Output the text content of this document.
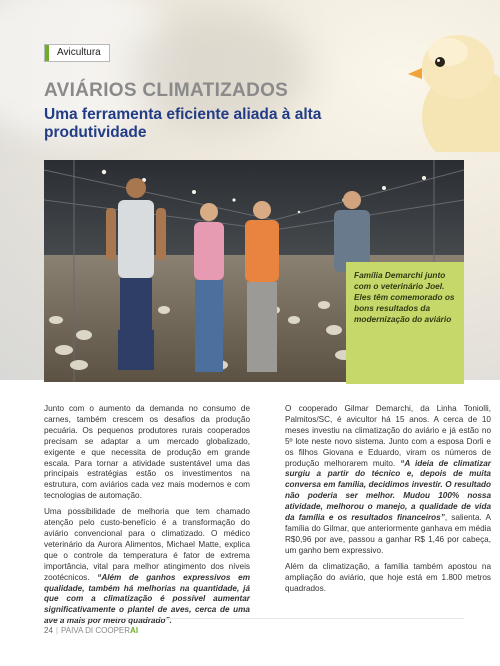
Avicultura
AVIÁRIOS CLIMATIZADOS
Uma ferramenta eficiente aliada à alta produtividade
Família Demarchi junto com o veterinário Joel. Eles têm comemorado os bons resultados da modernização do aviário

Junto com o aumento da demanda no consumo de carnes, também crescem os desafios da produção pecuária. Os pequenos produtores rurais cooperados precisam se adaptar a um mercado globalizado, exigente e que necessita de produção em grande escala. Para tornar a atividade sustentável uma das principais estratégias estão os investimentos na estrutura, com aviários cada vez mais modernos e com tecnologias de automação.

Uma possibilidade de melhoria que tem chamado atenção pelo custo-benefício é a transformação do aviário convencional para o climatizado. O médico veterinário da Aurora Alimentos, Michael Matte, explica que o controle da temperatura é fator de extrema importância, vital para melhor atingimento dos níveis zootécnicos. “Além de ganhos expressivos em qualidade, também há melhorias na quantidade, já que com a climatização é possível aumentar significativamente o plantel de aves, cerca de uma ave a mais por metro quadrado”.

O cooperado Gilmar Demarchi, da Linha Toniolli, Palmitos/SC, é avicultor há 15 anos. A cerca de 10 meses investiu na climatização do aviário e já estão no 5º lote neste novo sistema. Junto com a esposa Dorli e os filhos Giovana e Eduardo, viram os números de produção melhorarem muito. “A ideia de climatizar surgiu a partir do técnico e, depois de muita conversa em família, decidimos investir. O resultado não poderia ser melhor. Mudou 100% nossa atividade, melhorou o manejo, a qualidade de vida da família e os resultados financeiros”, salienta. A família do Gilmar, que anteriormente ganhava em média R$0,96 por ave, passou a ganhar R$ 1,46 por cabeça, um ganho bem expressivo.

Além da climatização, a família também apostou na ampliação do aviário, que hoje está em 1.800 metros quadrados.

24 | PAIVA DI COOPERAI
